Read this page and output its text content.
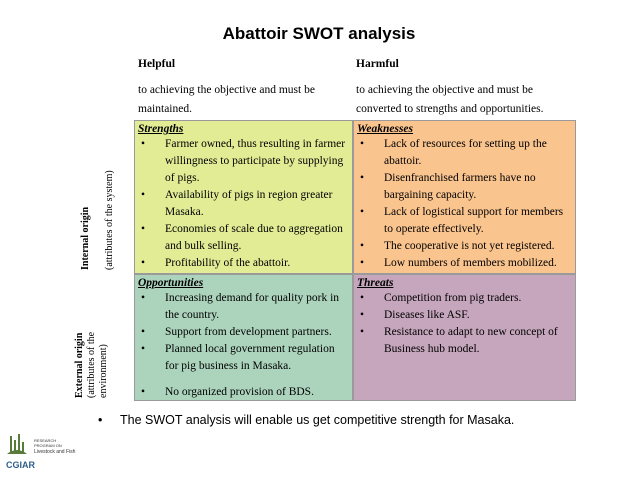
Abattoir SWOT analysis
Helpful	Harmful
to achieving the objective and must be maintained.
to achieving the objective and must be converted to strengths and opportunities.
Internal origin (attributes of the system)
External origin (attributes of the environment)
Strengths
• Farmer owned, thus resulting in farmer willingness to participate by supplying of pigs.
• Availability of pigs in region greater Masaka.
• Economies of scale due to aggregation and bulk selling.
• Profitability of the abattoir.
Weaknesses
• Lack of resources for setting up the abattoir.
• Disenfranchised farmers have no bargaining capacity.
• Lack of logistical support for members to operate effectively.
• The cooperative is not yet registered.
• Low numbers of members mobilized.
Opportunities
• Increasing demand for quality pork in the country.
• Support from development partners.
• Planned local government regulation for pig business in Masaka.
• No organized provision of BDS.
Threats
• Competition from pig traders.
• Diseases like ASF.
• Resistance to adapt to new concept of Business hub model.
• The SWOT analysis will enable us get competitive strength for Masaka.
RESEARCH
PROGRAM ON
Livestock and Fish
CGIAR
